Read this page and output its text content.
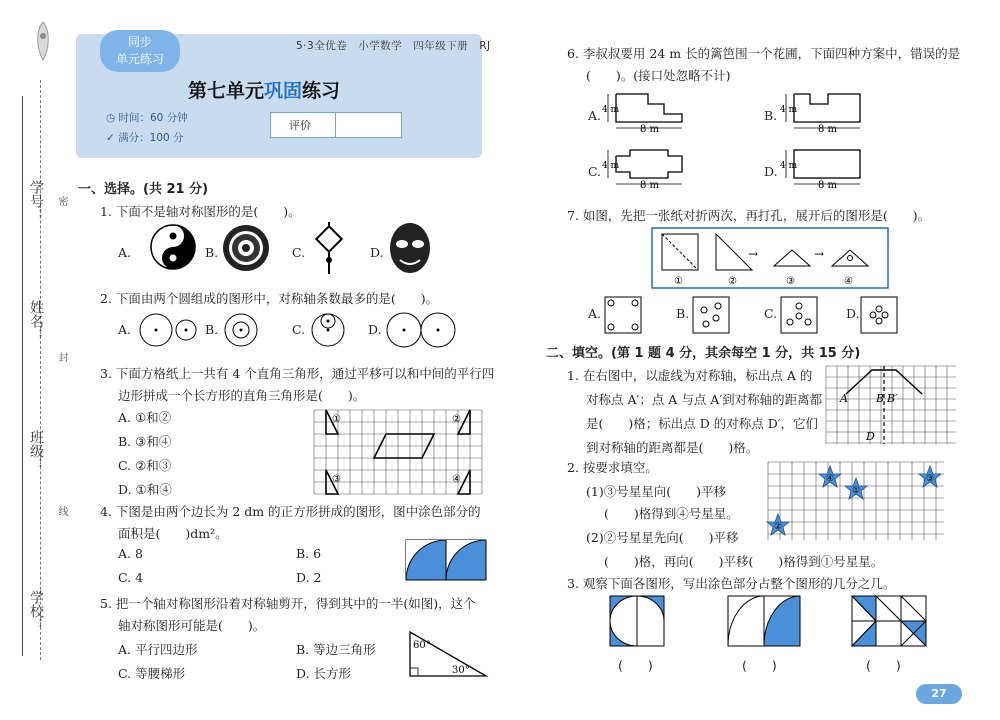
学号：
姓名：
班级：
学校：
密
封
线
同步
单元练习
5·3全优卷　小学数学　四年级下册　RJ
第七单元巩固练习
◷ 时间：60 分钟
✓ 满分：100 分
评价
一、选择。(共 21 分)
1. 下面不是轴对称图形的是(　　)。
A.	B.	C.	D.
2. 下面由两个圆组成的图形中，对称轴条数最多的是(　　)。
A.	B.	C.	D.
3. 下面方格纸上一共有 4 个直角三角形，通过平移可以和中间的平行四
边形拼成一个长方形的直角三角形是(　　)。
A. ①和②
B. ③和④
C. ②和③
D. ①和④
①	②
③	④
4. 下图是由两个边长为 2 dm 的正方形拼成的图形，图中涂色部分的
面积是(　　)dm²。
A. 8	B. 6
C. 4	D. 2
5. 把一个轴对称图形沿着对称轴剪开，得到其中的一半(如图)，这个
轴对称图形可能是(　　)。
A. 平行四边形	B. 等边三角形
C. 等腰梯形	D. 长方形
60°
30°
6. 李叔叔要用 24 m 长的篱笆围一个花圃，下面四种方案中，错误的是
(　　)。(接口处忽略不计)
A. 4 m
8 m
B. 4 m
8 m
C. 4 m
8 m
D. 4 m
8 m
7. 如图，先把一张纸对折两次，再打孔，展开后的图形是(　　)。
→	→
①	②	③	④
A.	B.	C.	D.
二、填空。(第 1 题 4 分，其余每空 1 分，共 15 分)
1. 在右图中，以虚线为对称轴，标出点 A 的
对称点 A′；点 A 与点 A′到对称轴的距离都
是(　　)格；标出点 D 的对称点 D′，它们
到对称轴的距离都是(　　)格。
A	B B′
D
2. 按要求填空。
(1)③号星星向(　　)平移
(　　)格得到④号星星。
(2)②号星星先向(　　)平移
(　　)格，再向(　　)平移(　　)格得到①号星星。
④
①
③
②
3. 观察下面各图形，写出涂色部分占整个图形的几分之几。
(　　)	(　　)	(　　)
27
